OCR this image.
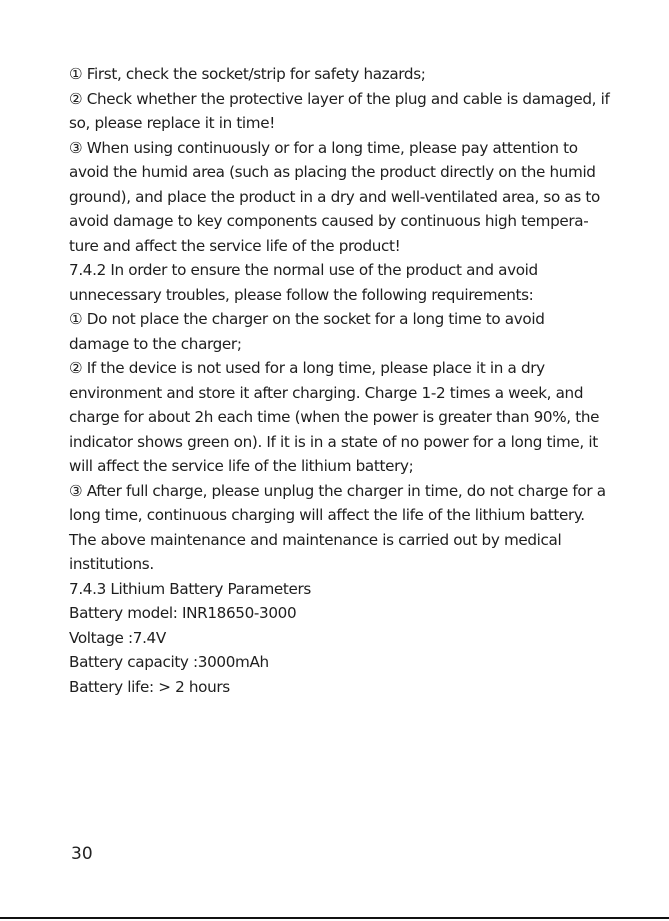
① First, check the socket/strip for safety hazards;
② Check whether the protective layer of the plug and cable is damaged, if
so, please replace it in time!
③ When using continuously or for a long time, please pay attention to
avoid the humid area (such as placing the product directly on the humid
ground), and place the product in a dry and well-ventilated area, so as to
avoid damage to key components caused by continuous high tempera-
ture and affect the service life of the product!
7.4.2 In order to ensure the normal use of the product and avoid
unnecessary troubles, please follow the following requirements:
① Do not place the charger on the socket for a long time to avoid
damage to the charger;
② If the device is not used for a long time, please place it in a dry
environment and store it after charging. Charge 1-2 times a week, and
charge for about 2h each time (when the power is greater than 90%, the
indicator shows green on). If it is in a state of no power for a long time, it
will affect the service life of the lithium battery;
③ After full charge, please unplug the charger in time, do not charge for a
long time, continuous charging will affect the life of the lithium battery.
The above maintenance and maintenance is carried out by medical
institutions.
7.4.3 Lithium Battery Parameters
Battery model: INR18650-3000
Voltage :7.4V
Battery capacity :3000mAh
Battery life: > 2 hours
30
